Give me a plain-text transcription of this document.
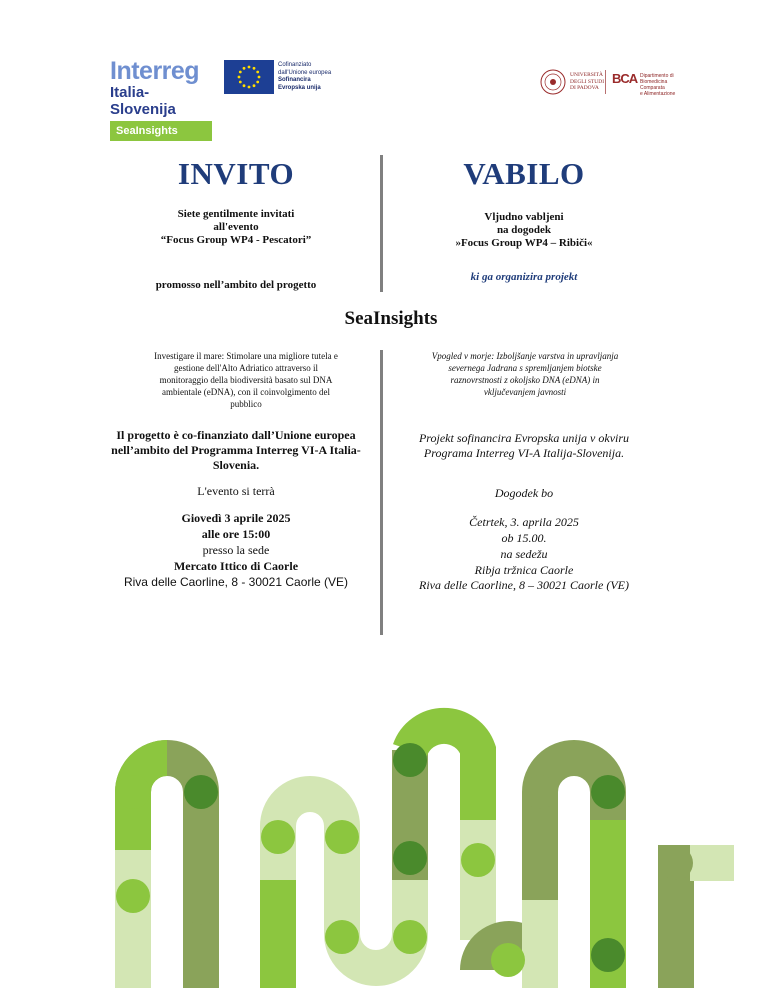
Interreg
Italia-Slovenija
SeaInsights
Cofinanziato
dall'Unione europea
Sofinancira
Evropska unija
UNIVERSITÀ
DEGLI STUDI
DI PADOVA
BCA Dipartimento di
Biomedicina Comparata
e Alimentazione
INVITO
Siete gentilmente invitati
all'evento
“Focus Group WP4 - Pescatori”
promosso nell’ambito del progetto
Investigare il mare: Stimolare una migliore tutela e gestione dell'Alto Adriatico attraverso il monitoraggio della biodiversità basato sul DNA ambientale (eDNA), con il coinvolgimento del pubblico
Il progetto è co-finanziato dall’Unione europea nell’ambito del Programma Interreg VI-A Italia-Slovenia.
L'evento si terrà
Giovedì 3 aprile 2025
alle ore 15:00
presso la sede
Mercato Ittico di Caorle
Riva delle Caorline, 8 - 30021 Caorle (VE)
VABILO
Vljudno vabljeni
na dogodek
»Focus Group WP4 – Ribiči«
ki ga organizira projekt
Vpogled v morje: Izboljšanje varstva in upravljanja severnega Jadrana s spremljanjem biotske raznovrstnosti z okoljsko DNA (eDNA) in vključevanjem javnosti
Projekt sofinancira Evropska unija v okviru Programa Interreg VI-A Italija-Slovenija.
Dogodek bo
Četrtek, 3. aprila 2025
ob 15.00.
na sedežu
Ribja tržnica Caorle
Riva delle Caorline, 8 – 30021 Caorle (VE)
SeaInsights
